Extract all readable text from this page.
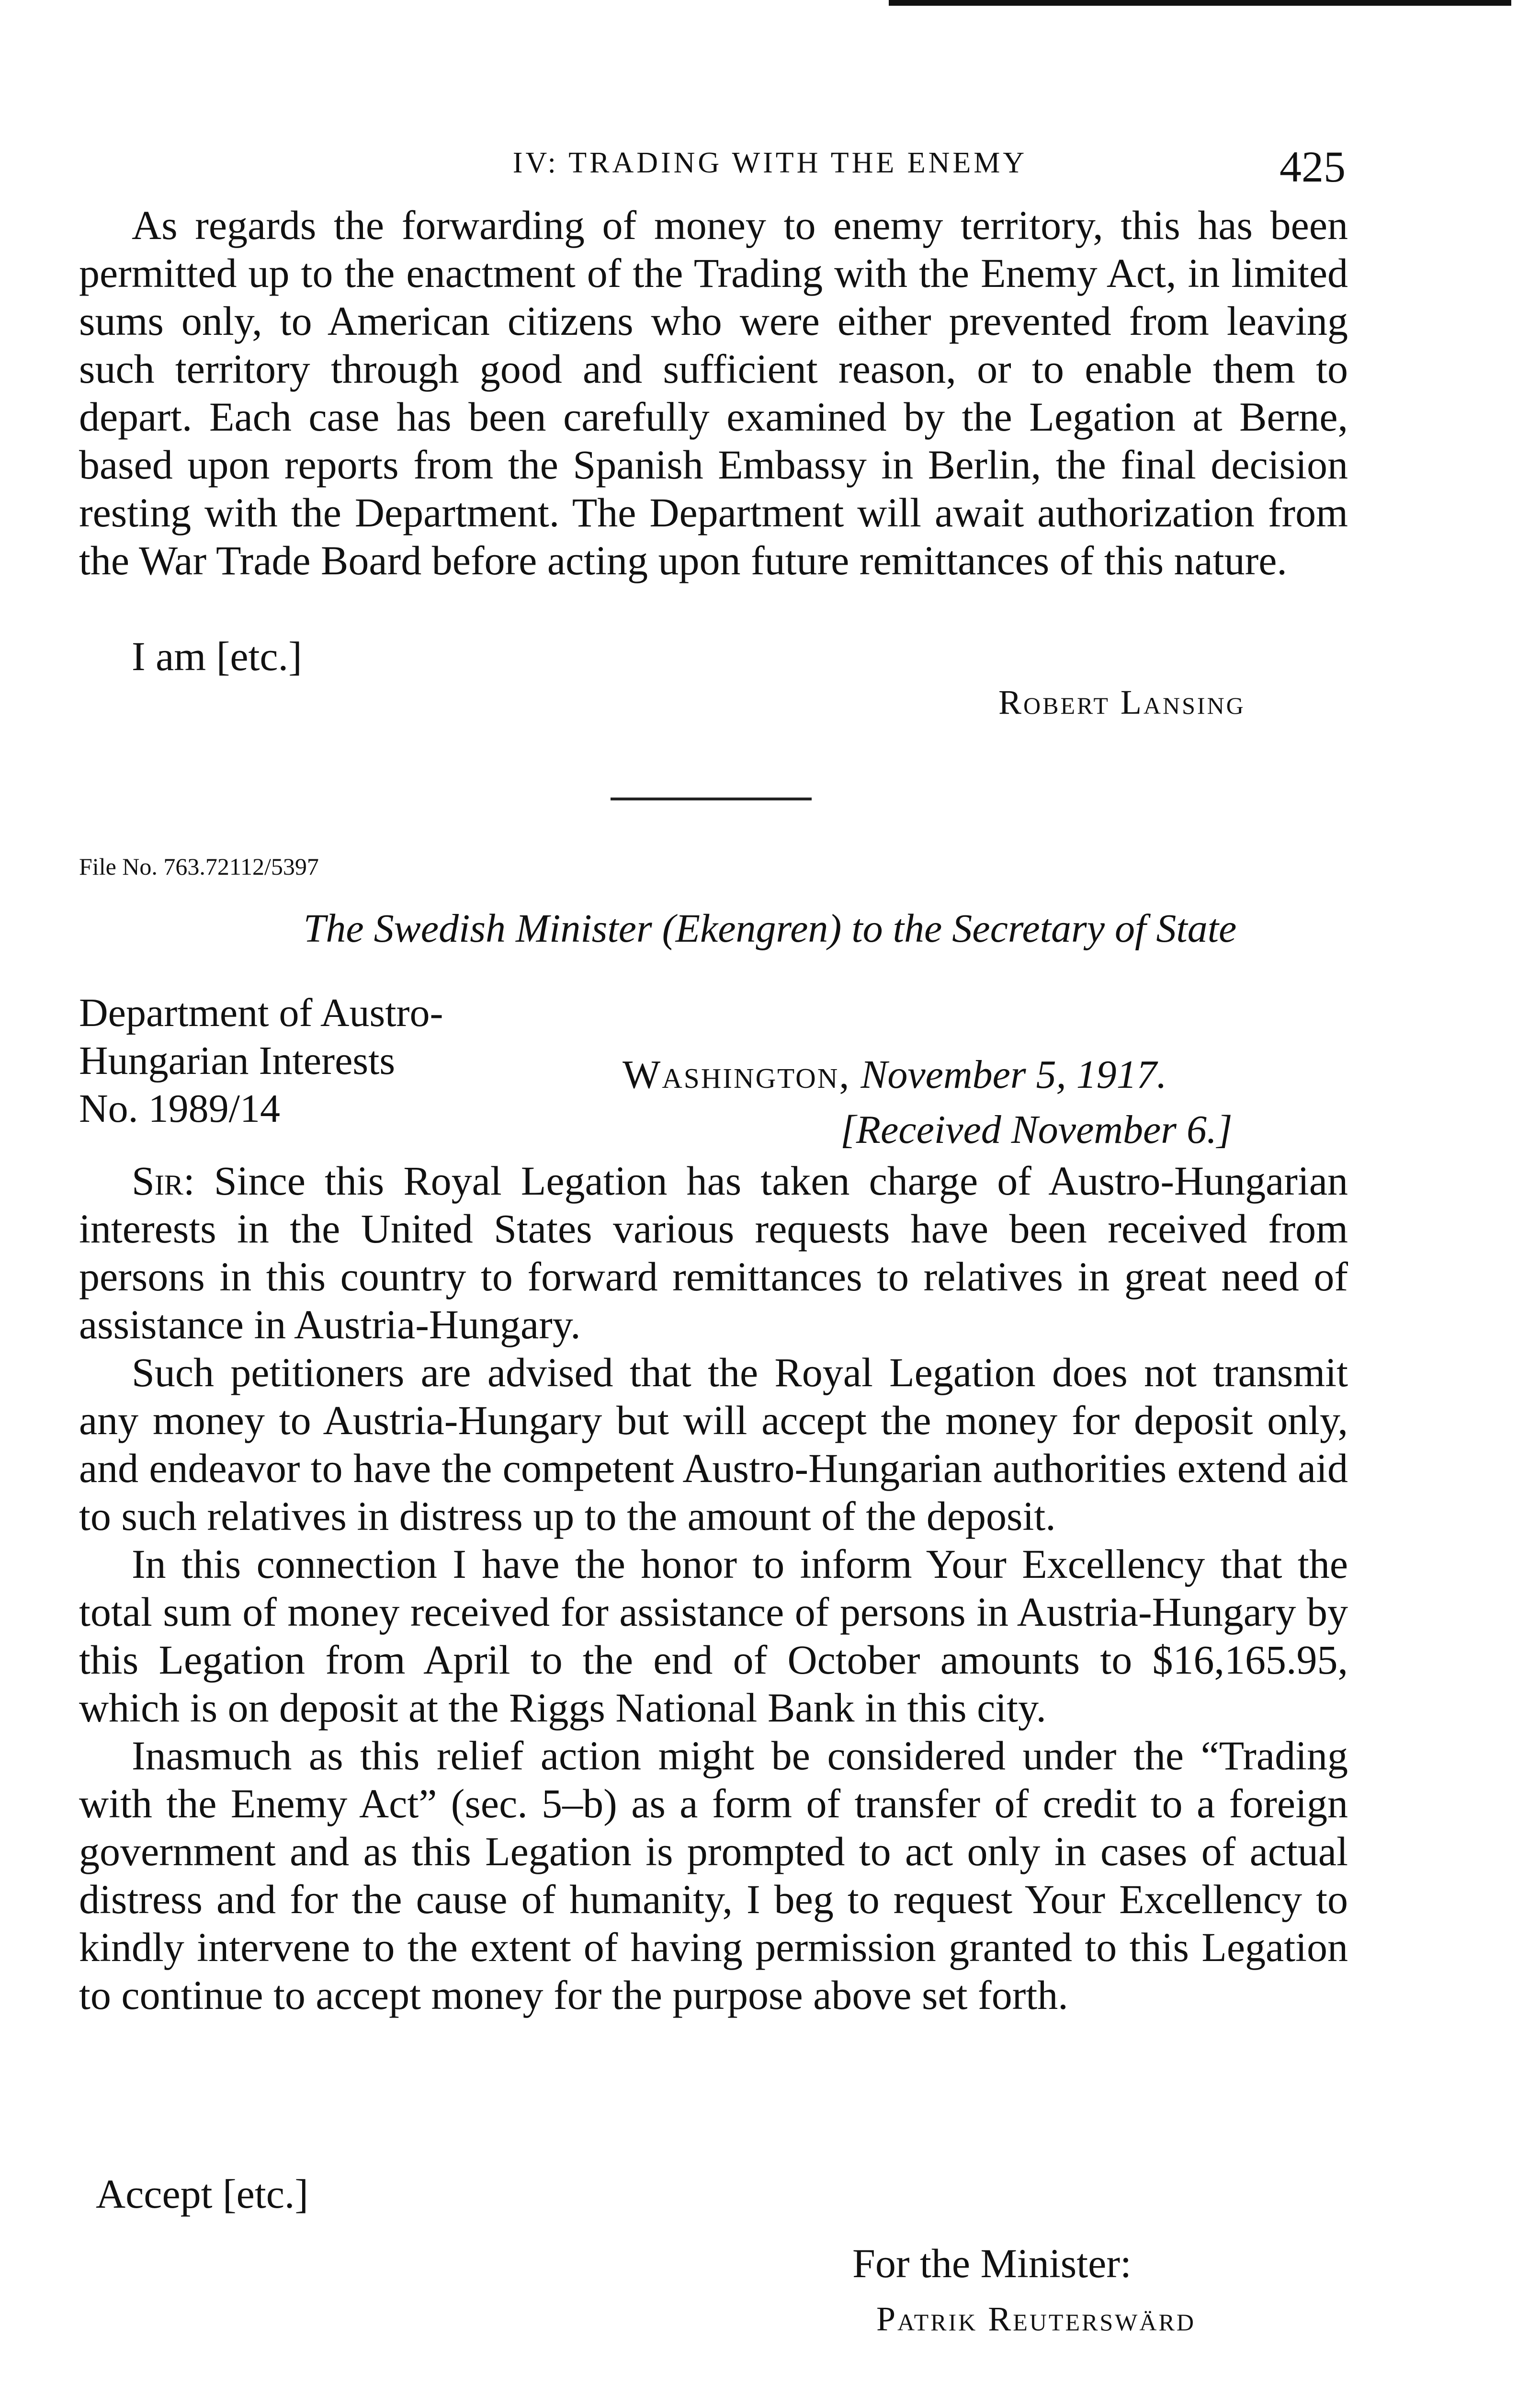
IV: TRADING WITH THE ENEMY	425

As regards the forwarding of money to enemy territory, this has been permitted up to the enactment of the Trading with the Enemy Act, in limited sums only, to American citizens who were either prevented from leaving such territory through good and sufficient reason, or to enable them to depart. Each case has been carefully examined by the Legation at Berne, based upon reports from the Spanish Embassy in Berlin, the final decision resting with the Department. The Department will await authorization from the War Trade Board before acting upon future remittances of this nature.

I am [etc.]
Robert Lansing
File No. 763.72112/5397
The Swedish Minister (Ekengren) to the Secretary of State
Department of Austro-
Hungarian Interests
No. 1989/14
Washington, November 5, 1917.
[Received November 6.]

Sir: Since this Royal Legation has taken charge of Austro-Hungarian interests in the United States various requests have been received from persons in this country to forward remittances to relatives in great need of assistance in Austria-Hungary.

Such petitioners are advised that the Royal Legation does not transmit any money to Austria-Hungary but will accept the money for deposit only, and endeavor to have the competent Austro-Hungarian authorities extend aid to such relatives in distress up to the amount of the deposit.

In this connection I have the honor to inform Your Excellency that the total sum of money received for assistance of persons in Austria-Hungary by this Legation from April to the end of October amounts to $16,165.95, which is on deposit at the Riggs National Bank in this city.

Inasmuch as this relief action might be considered under the “Trading with the Enemy Act” (sec. 5–b) as a form of transfer of credit to a foreign government and as this Legation is prompted to act only in cases of actual distress and for the cause of humanity, I beg to request Your Excellency to kindly intervene to the extent of having permission granted to this Legation to continue to accept money for the purpose above set forth.

Accept [etc.]
For the Minister:
Patrik Reuterswärd
